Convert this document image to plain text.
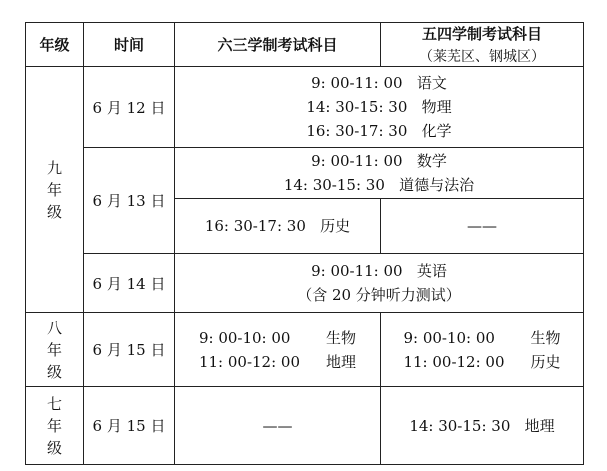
年级	时间	六三学制考试科目	五四学制考试科目
（莱芜区、钢城区）

九
年
级	6 月 12 日	9: 00-11: 00   语文
14: 30-15: 30   物理
16: 30-17: 30   化学	

	6 月 13 日	9: 00-11: 00   数学
14: 30-15: 30   道德与法治	

		16: 30-17: 30   历史	——
	6 月 14 日	9: 00-11: 00   英语
（含 20 分钟听力测试）	

八
年
级	6 月 15 日	9: 00-10: 00 生物
11: 00-12: 00 地理	9: 00-10: 00 生物
11: 00-12: 00 历史

七
年
级	6 月 15 日	——	14: 30-15: 30   地理
